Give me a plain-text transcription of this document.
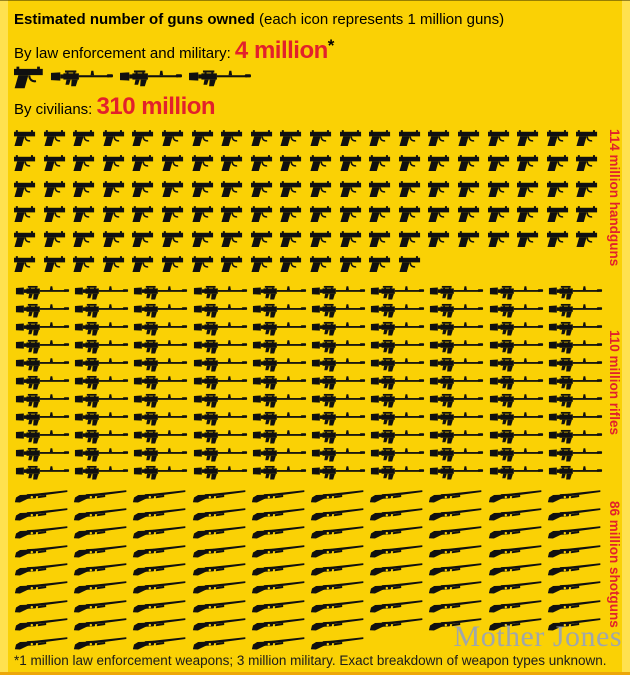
Estimated number of guns owned (each icon represents 1 million guns)
By law enforcement and military: 4 million*
By civilians: 310 million
114 million handguns
110 million rifles
86 million shotguns
Mother Jones
*1 million law enforcement weapons; 3 million military. Exact breakdown of weapon types unknown.
